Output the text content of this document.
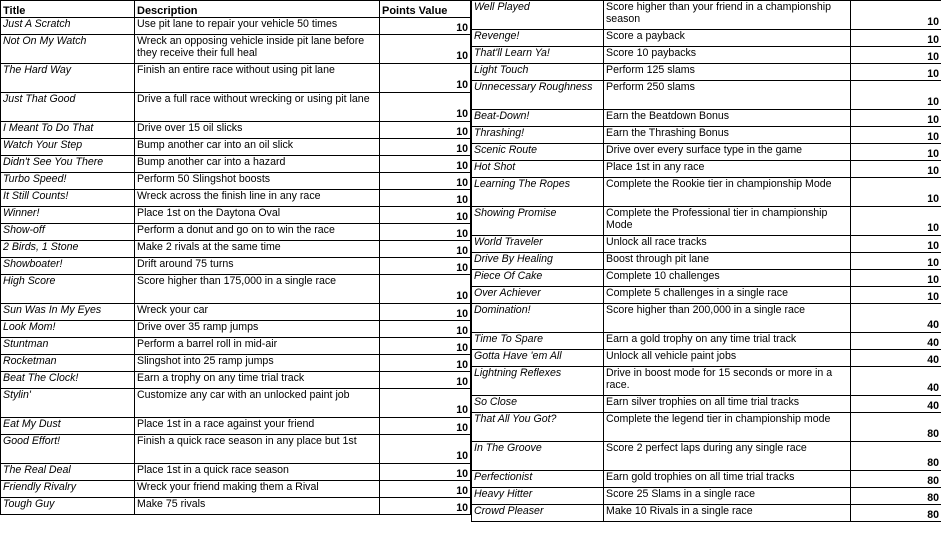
Title	Description	Points Value
Just A Scratch	Use pit lane to repair your vehicle 50 times	10
Not On My Watch	Wreck an opposing vehicle inside pit lane before they receive their full heal	10
The Hard Way	Finish an entire race without using pit lane	10
Just That Good	Drive a full race without wrecking or using pit lane	10
I Meant To Do That	Drive over 15 oil slicks	10
Watch Your Step	Bump another car into an oil slick	10
Didn't See You There	Bump another car into a hazard	10
Turbo Speed!	Perform 50 Slingshot boosts	10
It Still Counts!	Wreck across the finish line in any race	10
Winner!	Place 1st on the Daytona Oval	10
Show-off	Perform a donut and go on to win the race	10
2 Birds, 1 Stone	Make 2 rivals at the same time	10
Showboater!	Drift around 75 turns	10
High Score	Score higher than 175,000 in a single race	10
Sun Was In My Eyes	Wreck your car	10
Look Mom!	Drive over 35 ramp jumps	10
Stuntman	Perform a barrel roll in mid-air	10
Rocketman	Slingshot into 25 ramp jumps	10
Beat The Clock!	Earn a trophy on any time trial track	10
Stylin'	Customize any car with an unlocked paint job	10
Eat My Dust	Place 1st in a race against your friend	10
Good Effort!	Finish a quick race season in any place but 1st	10
The Real Deal	Place 1st in a quick race season	10
Friendly Rivalry	Wreck your friend making them a Rival	10
Tough Guy	Make 75 rivals	10
Well Played	Score higher than your friend in a championship season	10
Revenge!	Score a payback	10
That'll Learn Ya!	Score 10 paybacks	10
Light Touch	Perform 125 slams	10
Unnecessary Roughness	Perform 250 slams	10
Beat-Down!	Earn the Beatdown Bonus	10
Thrashing!	Earn the Thrashing Bonus	10
Scenic Route	Drive over every surface type in the game	10
Hot Shot	Place 1st in any race	10
Learning The Ropes	Complete the Rookie tier in championship Mode	10
Showing Promise	Complete the Professional tier in championship Mode	10
World Traveler	Unlock all race tracks	10
Drive By Healing	Boost through pit lane	10
Piece Of Cake	Complete 10 challenges	10
Over Achiever	Complete 5 challenges in a single race	10
Domination!	Score higher than 200,000 in a single race	40
Time To Spare	Earn a gold trophy on any time trial track	40
Gotta Have 'em All	Unlock all vehicle paint jobs	40
Lightning Reflexes	Drive in boost mode for 15 seconds or more in a race.	40
So Close	Earn silver trophies on all time trial tracks	40
That All You Got?	Complete the legend tier in championship mode	80
In The Groove	Score 2 perfect laps during any single race	80
Perfectionist	Earn gold trophies on all time trial tracks	80
Heavy Hitter	Score 25 Slams in a single race	80
Crowd Pleaser	Make 10 Rivals in a single race	80
